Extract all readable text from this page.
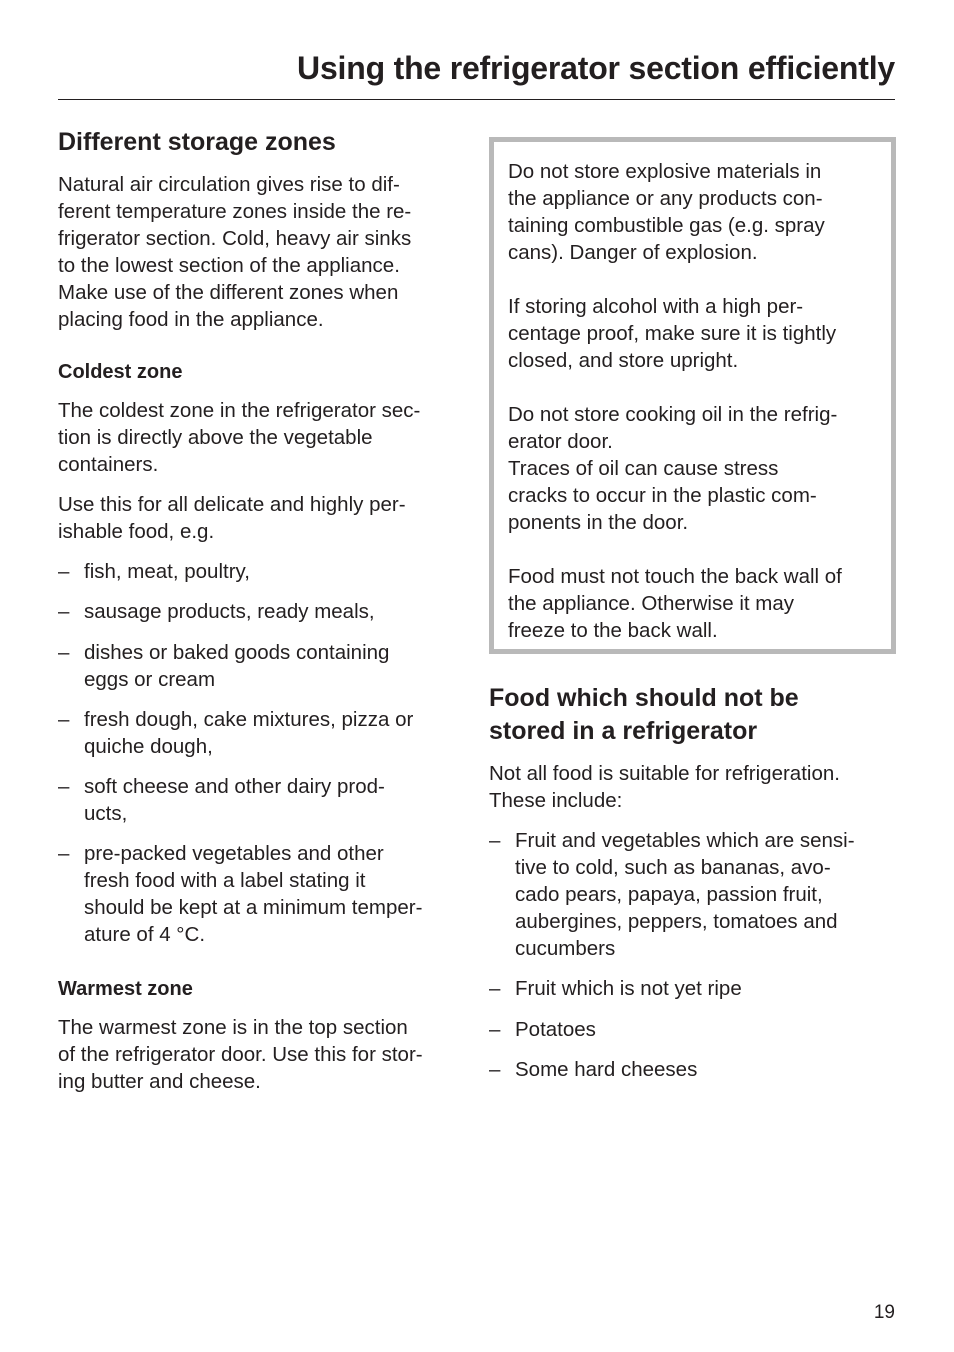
Using the refrigerator section efficiently
Different storage zones

Natural air circulation gives rise to dif-
ferent temperature zones inside the re-
frigerator section. Cold, heavy air sinks
to the lowest section of the appliance.
Make use of the different zones when
placing food in the appliance.

Coldest zone

The coldest zone in the refrigerator sec-
tion is directly above the vegetable
containers.

Use this for all delicate and highly per-
ishable food, e.g.

– fish, meat, poultry,
– sausage products, ready meals,
– dishes or baked goods containing
eggs or cream
– fresh dough, cake mixtures, pizza or
quiche dough,
– soft cheese and other dairy prod-
ucts,
– pre-packed vegetables and other
fresh food with a label stating it
should be kept at a minimum temper-
ature of 4 °C.
Warmest zone

The warmest zone is in the top section
of the refrigerator door. Use this for stor-
ing butter and cheese.

Do not store explosive materials in
the appliance or any products con-
taining combustible gas (e.g. spray
cans). Danger of explosion.

If storing alcohol with a high per-
centage proof, make sure it is tightly
closed, and store upright.

Do not store cooking oil in the refrig-
erator door.
Traces of oil can cause stress
cracks to occur in the plastic com-
ponents in the door.

Food must not touch the back wall of
the appliance. Otherwise it may
freeze to the back wall.

Food which should not be
stored in a refrigerator

Not all food is suitable for refrigeration.
These include:

– Fruit and vegetables which are sensi-
tive to cold, such as bananas, avo-
cado pears, papaya, passion fruit,
aubergines, peppers, tomatoes and
cucumbers
– Fruit which is not yet ripe
– Potatoes
– Some hard cheeses
19
